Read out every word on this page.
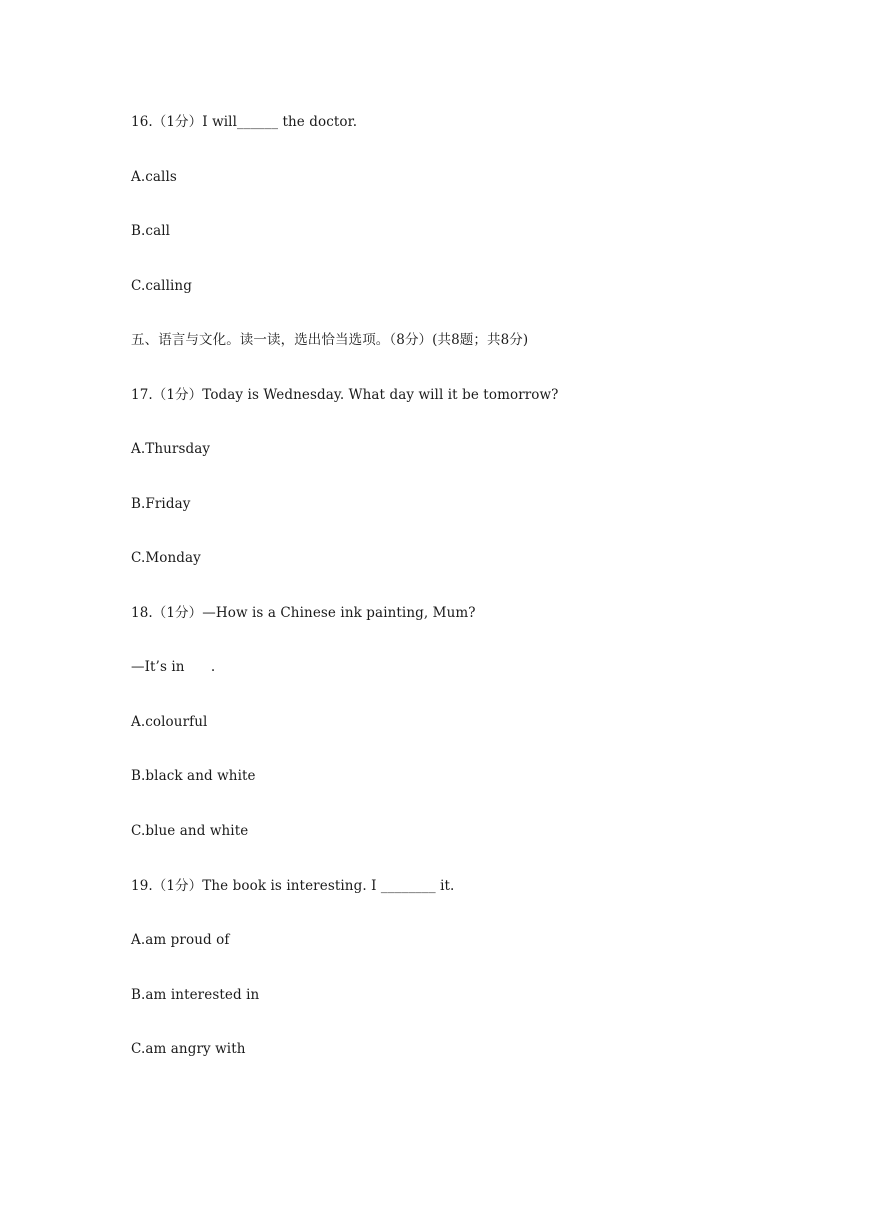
16.（1分）I will______ the doctor.
A.calls
B.call
C.calling
五、语言与文化。读一读，选出恰当选项。（8分）(共8题；共8分)
17.（1分）Today is Wednesday. What day will it be tomorrow?
A.Thursday
B.Friday
C.Monday
18.（1分）—How is a Chinese ink painting, Mum?
—It’s in      .
A.colourful
B.black and white
C.blue and white
19.（1分）The book is interesting. I ________ it.
A.am proud of
B.am interested in
C.am angry with
